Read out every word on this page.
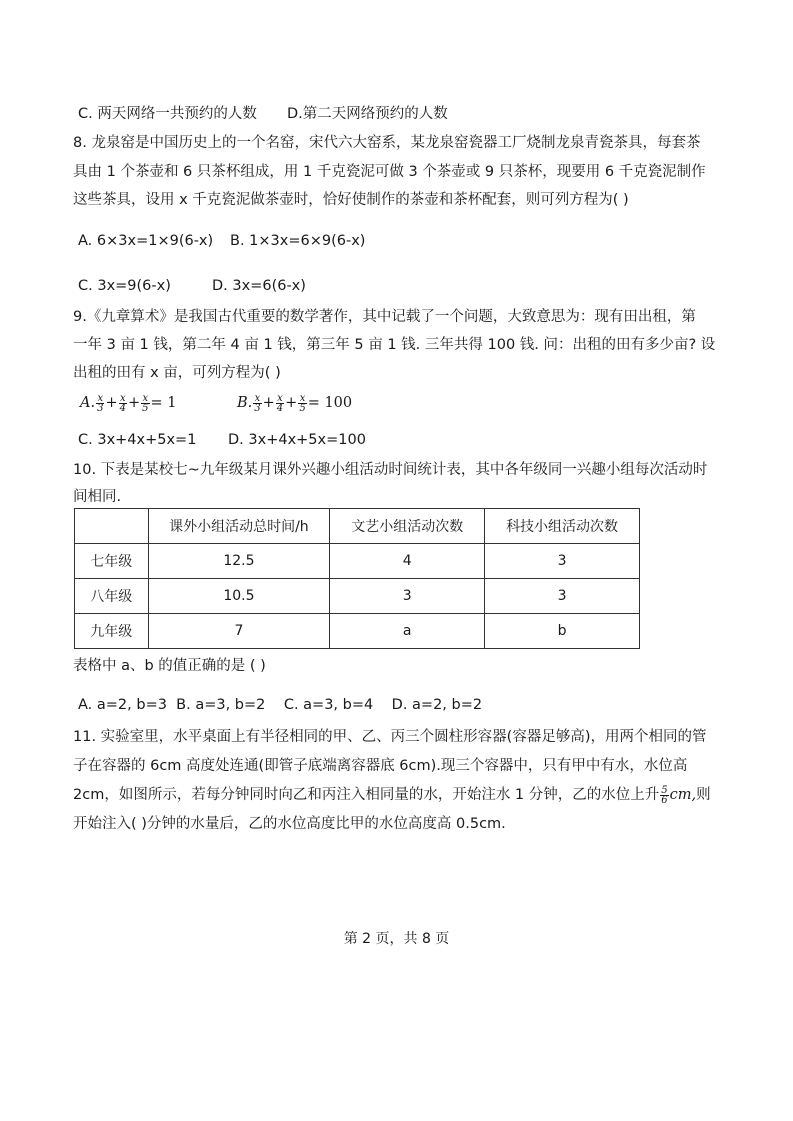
C. 两天网络一共预约的人数 D.第二天网络预约的人数
8. 龙泉窑是中国历史上的一个名窑，宋代六大窑系，某龙泉窑瓷器工厂烧制龙泉青瓷茶具，每套茶
具由 1 个茶壶和 6 只茶杯组成，用 1 千克瓷泥可做 3 个茶壶或 9 只茶杯，现要用 6 千克瓷泥制作
这些茶具，设用 x 千克瓷泥做茶壶时，恰好使制作的茶壶和茶杯配套，则可列方程为( )
A. 6×3x=1×9(6-x) B. 1×3x=6×9(6-x)
C. 3x=9(6-x)	D. 3x=6(6-x)
9.《九章算术》是我国古代重要的数学著作，其中记载了一个问题，大致意思为：现有田出租，第
一年 3 亩 1 钱，第二年 4 亩 1 钱，第三年 5 亩 1 钱. 三年共得 100 钱. 问：出租的田有多少亩? 设
出租的田有 x 亩，可列方程为( )
A. $\frac{x}{3} + \frac{x}{4} + \frac{x}{5} = 1$	B. $\frac{x}{3} + \frac{x}{4} + \frac{x}{5} = 100$
C. 3x+4x+5x=1 D. 3x+4x+5x=100
10. 下表是某校七~九年级某月课外兴趣小组活动时间统计表，其中各年级同一兴趣小组每次活动时
间相同.
	课外小组活动总时间/h	文艺小组活动次数	科技小组活动次数
七年级	12.5	4	3
八年级	10.5	3	3
九年级	7	a	b
表格中 a、b 的值正确的是 ( )
A. a=2, b=3  B. a=3, b=2    C. a=3, b=4    D. a=2, b=2
11. 实验室里，水平桌面上有半径相同的甲、乙、丙三个圆柱形容器(容器足够高)，用两个相同的管
子在容器的 6cm 高度处连通(即管子底端离容器底 6cm).现三个容器中，只有甲中有水，水位高
2cm，如图所示，若每分钟同时向乙和丙注入相同量的水，开始注水 1 分钟，乙的水位上升 $\frac{5}{6}$ cm,则
开始注入( )分钟的水量后，乙的水位高度比甲的水位高度高 0.5cm.
第 2 页，共 8 页
